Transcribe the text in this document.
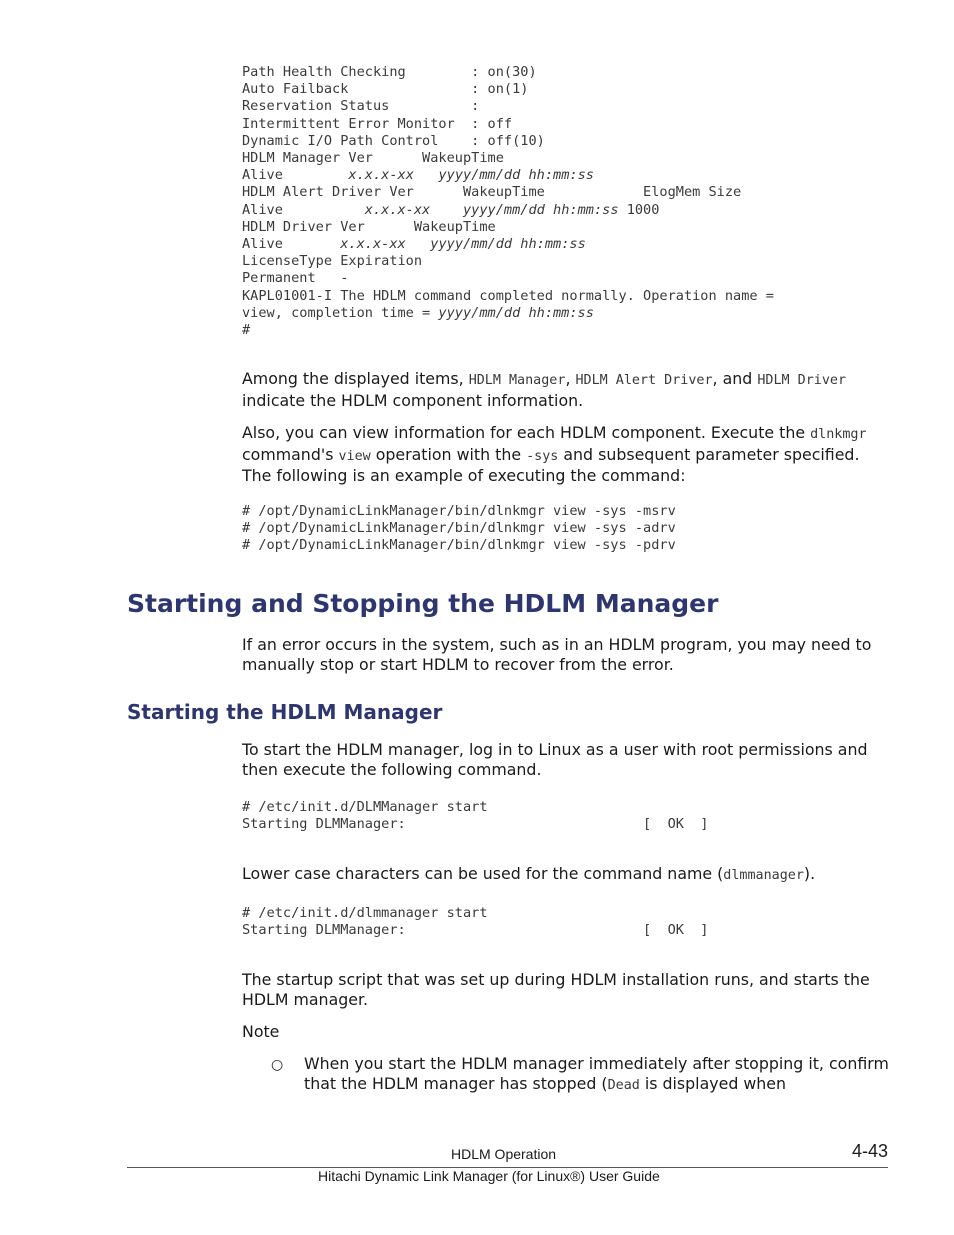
Path Health Checking        : on(30)
Auto Failback               : on(1)
Reservation Status          :
Intermittent Error Monitor  : off
Dynamic I/O Path Control    : off(10)
HDLM Manager Ver      WakeupTime
Alive	x.x.x-xx yyyy/mm/dd hh:mm:ss
HDLM Alert Driver Ver      WakeupTime            ElogMem Size
Alive	x.x.x-xx yyyy/mm/dd hh:mm:ss 1000
HDLM Driver Ver      WakeupTime
Alive	x.x.x-xx yyyy/mm/dd hh:mm:ss
LicenseType Expiration
Permanent   -
KAPL01001-I The HDLM command completed normally. Operation name =
view, completion time = yyyy/mm/dd hh:mm:ss
#

Among the displayed items, HDLM Manager, HDLM Alert Driver, and HDLM Driver indicate the HDLM component information.

Also, you can view information for each HDLM component. Execute the dlnkmgr command's view operation with the -sys and subsequent parameter specified. The following is an example of executing the command:

# /opt/DynamicLinkManager/bin/dlnkmgr view -sys -msrv
# /opt/DynamicLinkManager/bin/dlnkmgr view -sys -adrv
# /opt/DynamicLinkManager/bin/dlnkmgr view -sys -pdrv
Starting and Stopping the HDLM Manager

If an error occurs in the system, such as in an HDLM program, you may need to manually stop or start HDLM to recover from the error.

Starting the HDLM Manager

To start the HDLM manager, log in to Linux as a user with root permissions and then execute the following command.

# /etc/init.d/DLMManager start
Starting DLMManager:                             [  OK  ]

Lower case characters can be used for the command name (dlmmanager).

# /etc/init.d/dlmmanager start
Starting DLMManager:                             [  OK  ]

The startup script that was set up during HDLM installation runs, and starts the HDLM manager.

Note

○ When you start the HDLM manager immediately after stopping it, confirm that the HDLM manager has stopped (Dead is displayed when

HDLM Operation	4-43
Hitachi Dynamic Link Manager (for Linux®) User Guide
